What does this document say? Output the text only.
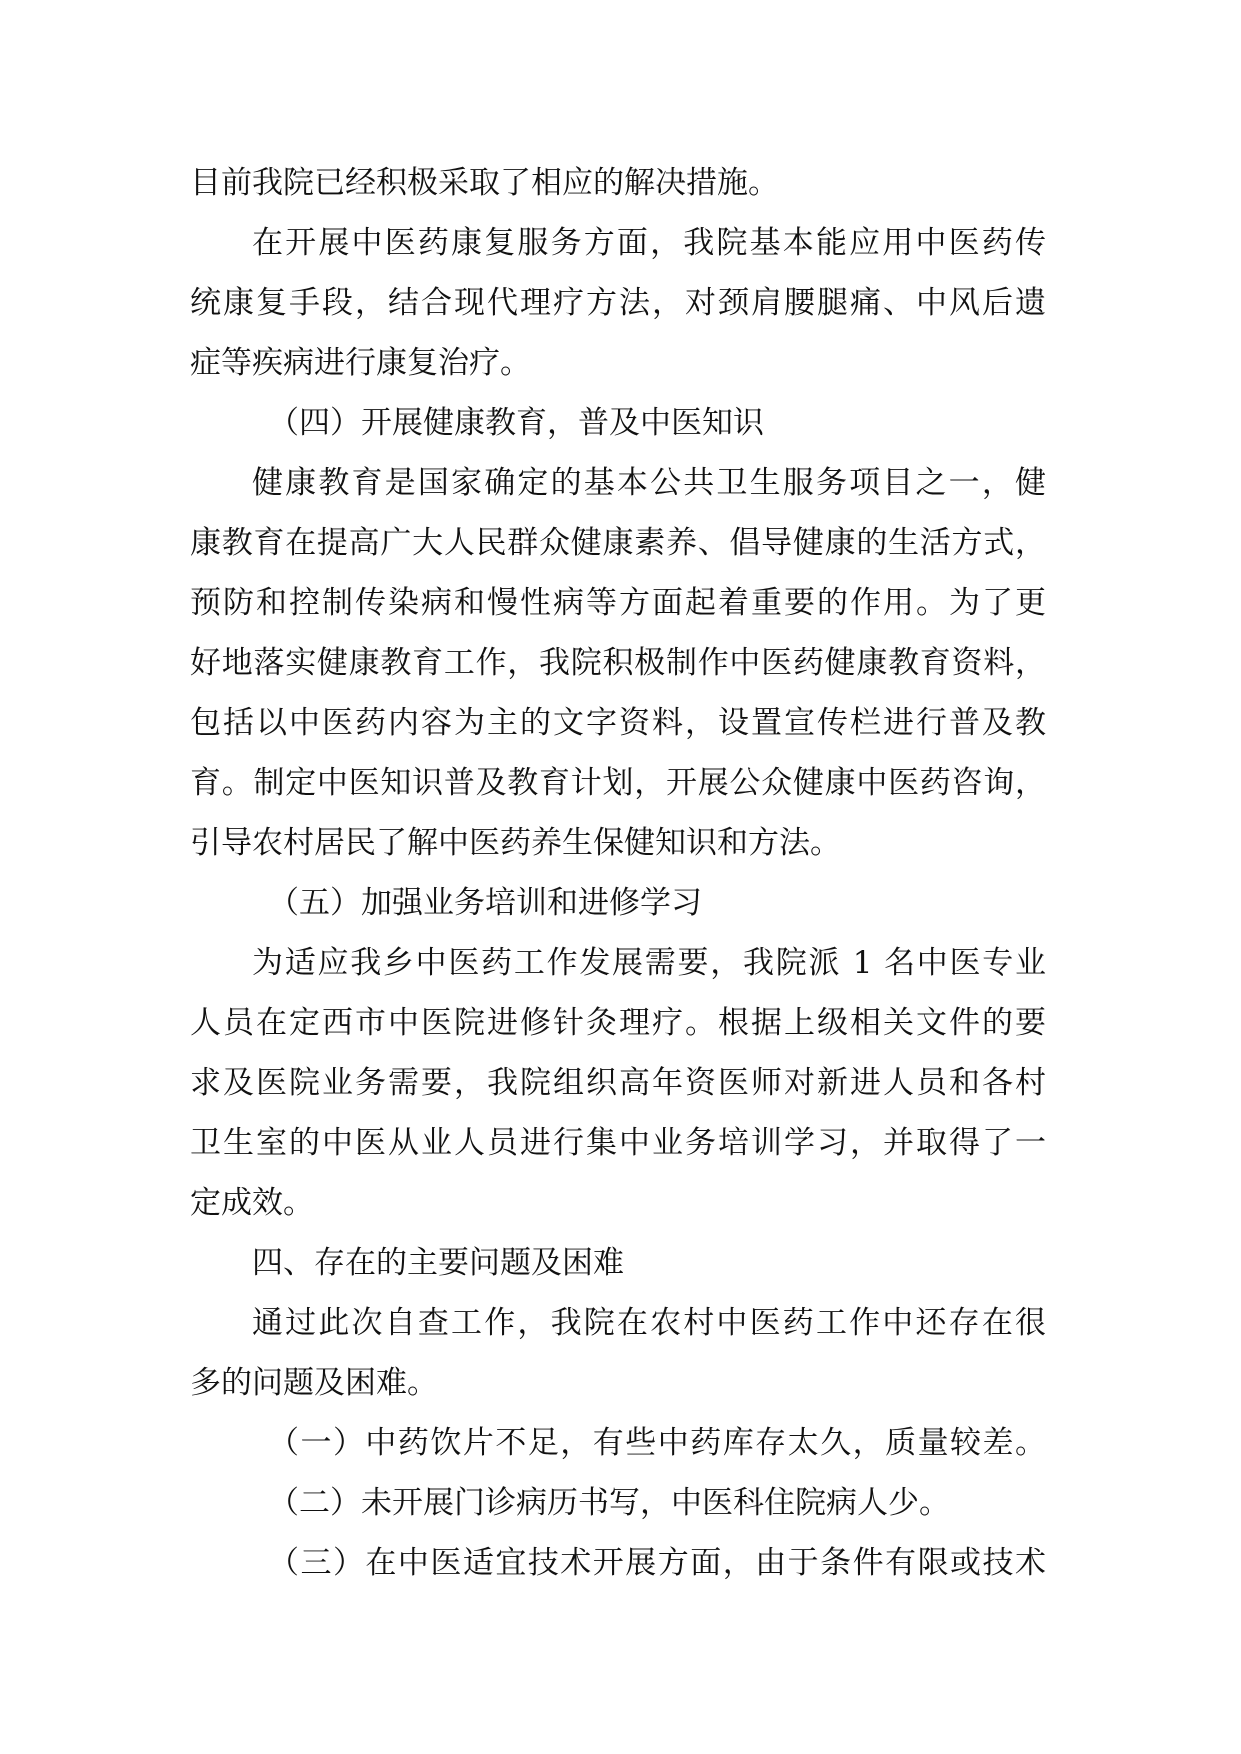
目前我院已经积极采取了相应的解决措施。

在开展中医药康复服务方面，我院基本能应用中医药传

统康复手段，结合现代理疗方法，对颈肩腰腿痛、中风后遗

症等疾病进行康复治疗。

（四）开展健康教育，普及中医知识

健康教育是国家确定的基本公共卫生服务项目之一，健

康教育在提高广大人民群众健康素养、倡导健康的生活方式，

预防和控制传染病和慢性病等方面起着重要的作用。为了更

好地落实健康教育工作，我院积极制作中医药健康教育资料，

包括以中医药内容为主的文字资料，设置宣传栏进行普及教

育。制定中医知识普及教育计划，开展公众健康中医药咨询，

引导农村居民了解中医药养生保健知识和方法。

（五）加强业务培训和进修学习

为适应我乡中医药工作发展需要，我院派 1 名中医专业

人员在定西市中医院进修针灸理疗。根据上级相关文件的要

求及医院业务需要，我院组织高年资医师对新进人员和各村

卫生室的中医从业人员进行集中业务培训学习，并取得了一

定成效。

四、存在的主要问题及困难

通过此次自查工作，我院在农村中医药工作中还存在很

多的问题及困难。

（一）中药饮片不足，有些中药库存太久，质量较差。

（二）未开展门诊病历书写，中医科住院病人少。

（三）在中医适宜技术开展方面，由于条件有限或技术
